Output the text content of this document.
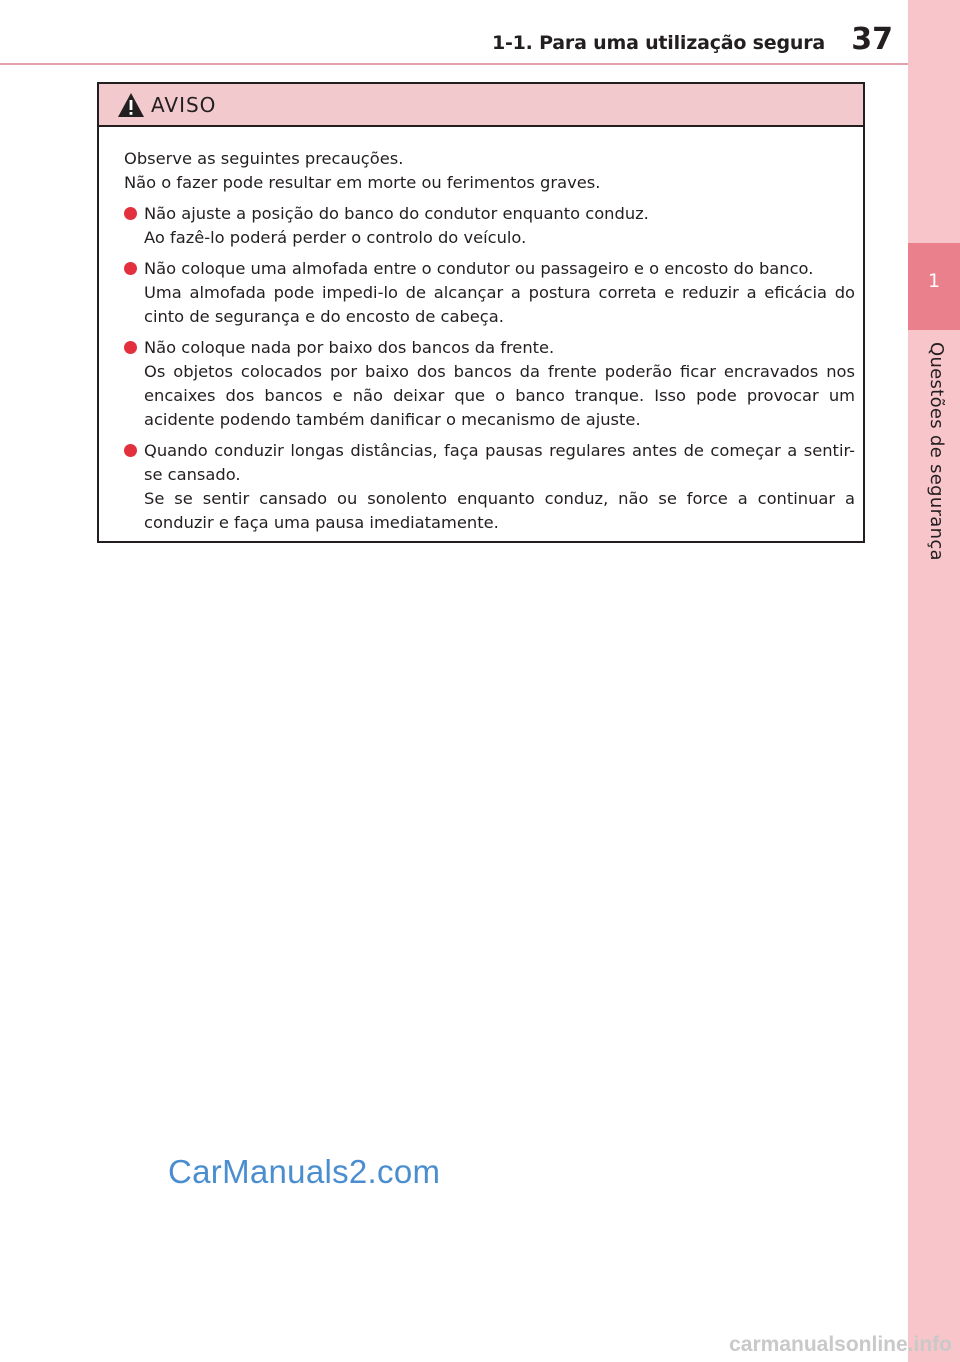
1
Questões de segurança
1-1. Para uma utilização segura 37
AVISO
Observe as seguintes precauções.
Não o fazer pode resultar em morte ou ferimentos graves.
Não ajuste a posição do banco do condutor enquanto conduz.
Ao fazê-lo poderá perder o controlo do veículo.
Não coloque uma almofada entre o condutor ou passageiro e o encosto do banco.
Uma almofada pode impedi-lo de alcançar a postura correta e reduzir a eficácia do cinto de segurança e do encosto de cabeça.
Não coloque nada por baixo dos bancos da frente.
Os objetos colocados por baixo dos bancos da frente poderão ficar encravados nos encaixes dos bancos e não deixar que o banco tranque. Isso pode provocar um acidente podendo também danificar o mecanismo de ajuste.
Quando conduzir longas distâncias, faça pausas regulares antes de começar a sentir-se cansado.
Se se sentir cansado ou sonolento enquanto conduz, não se force a continuar a conduzir e faça uma pausa imediatamente.
CarManuals2.com
carmanualsonline.info
